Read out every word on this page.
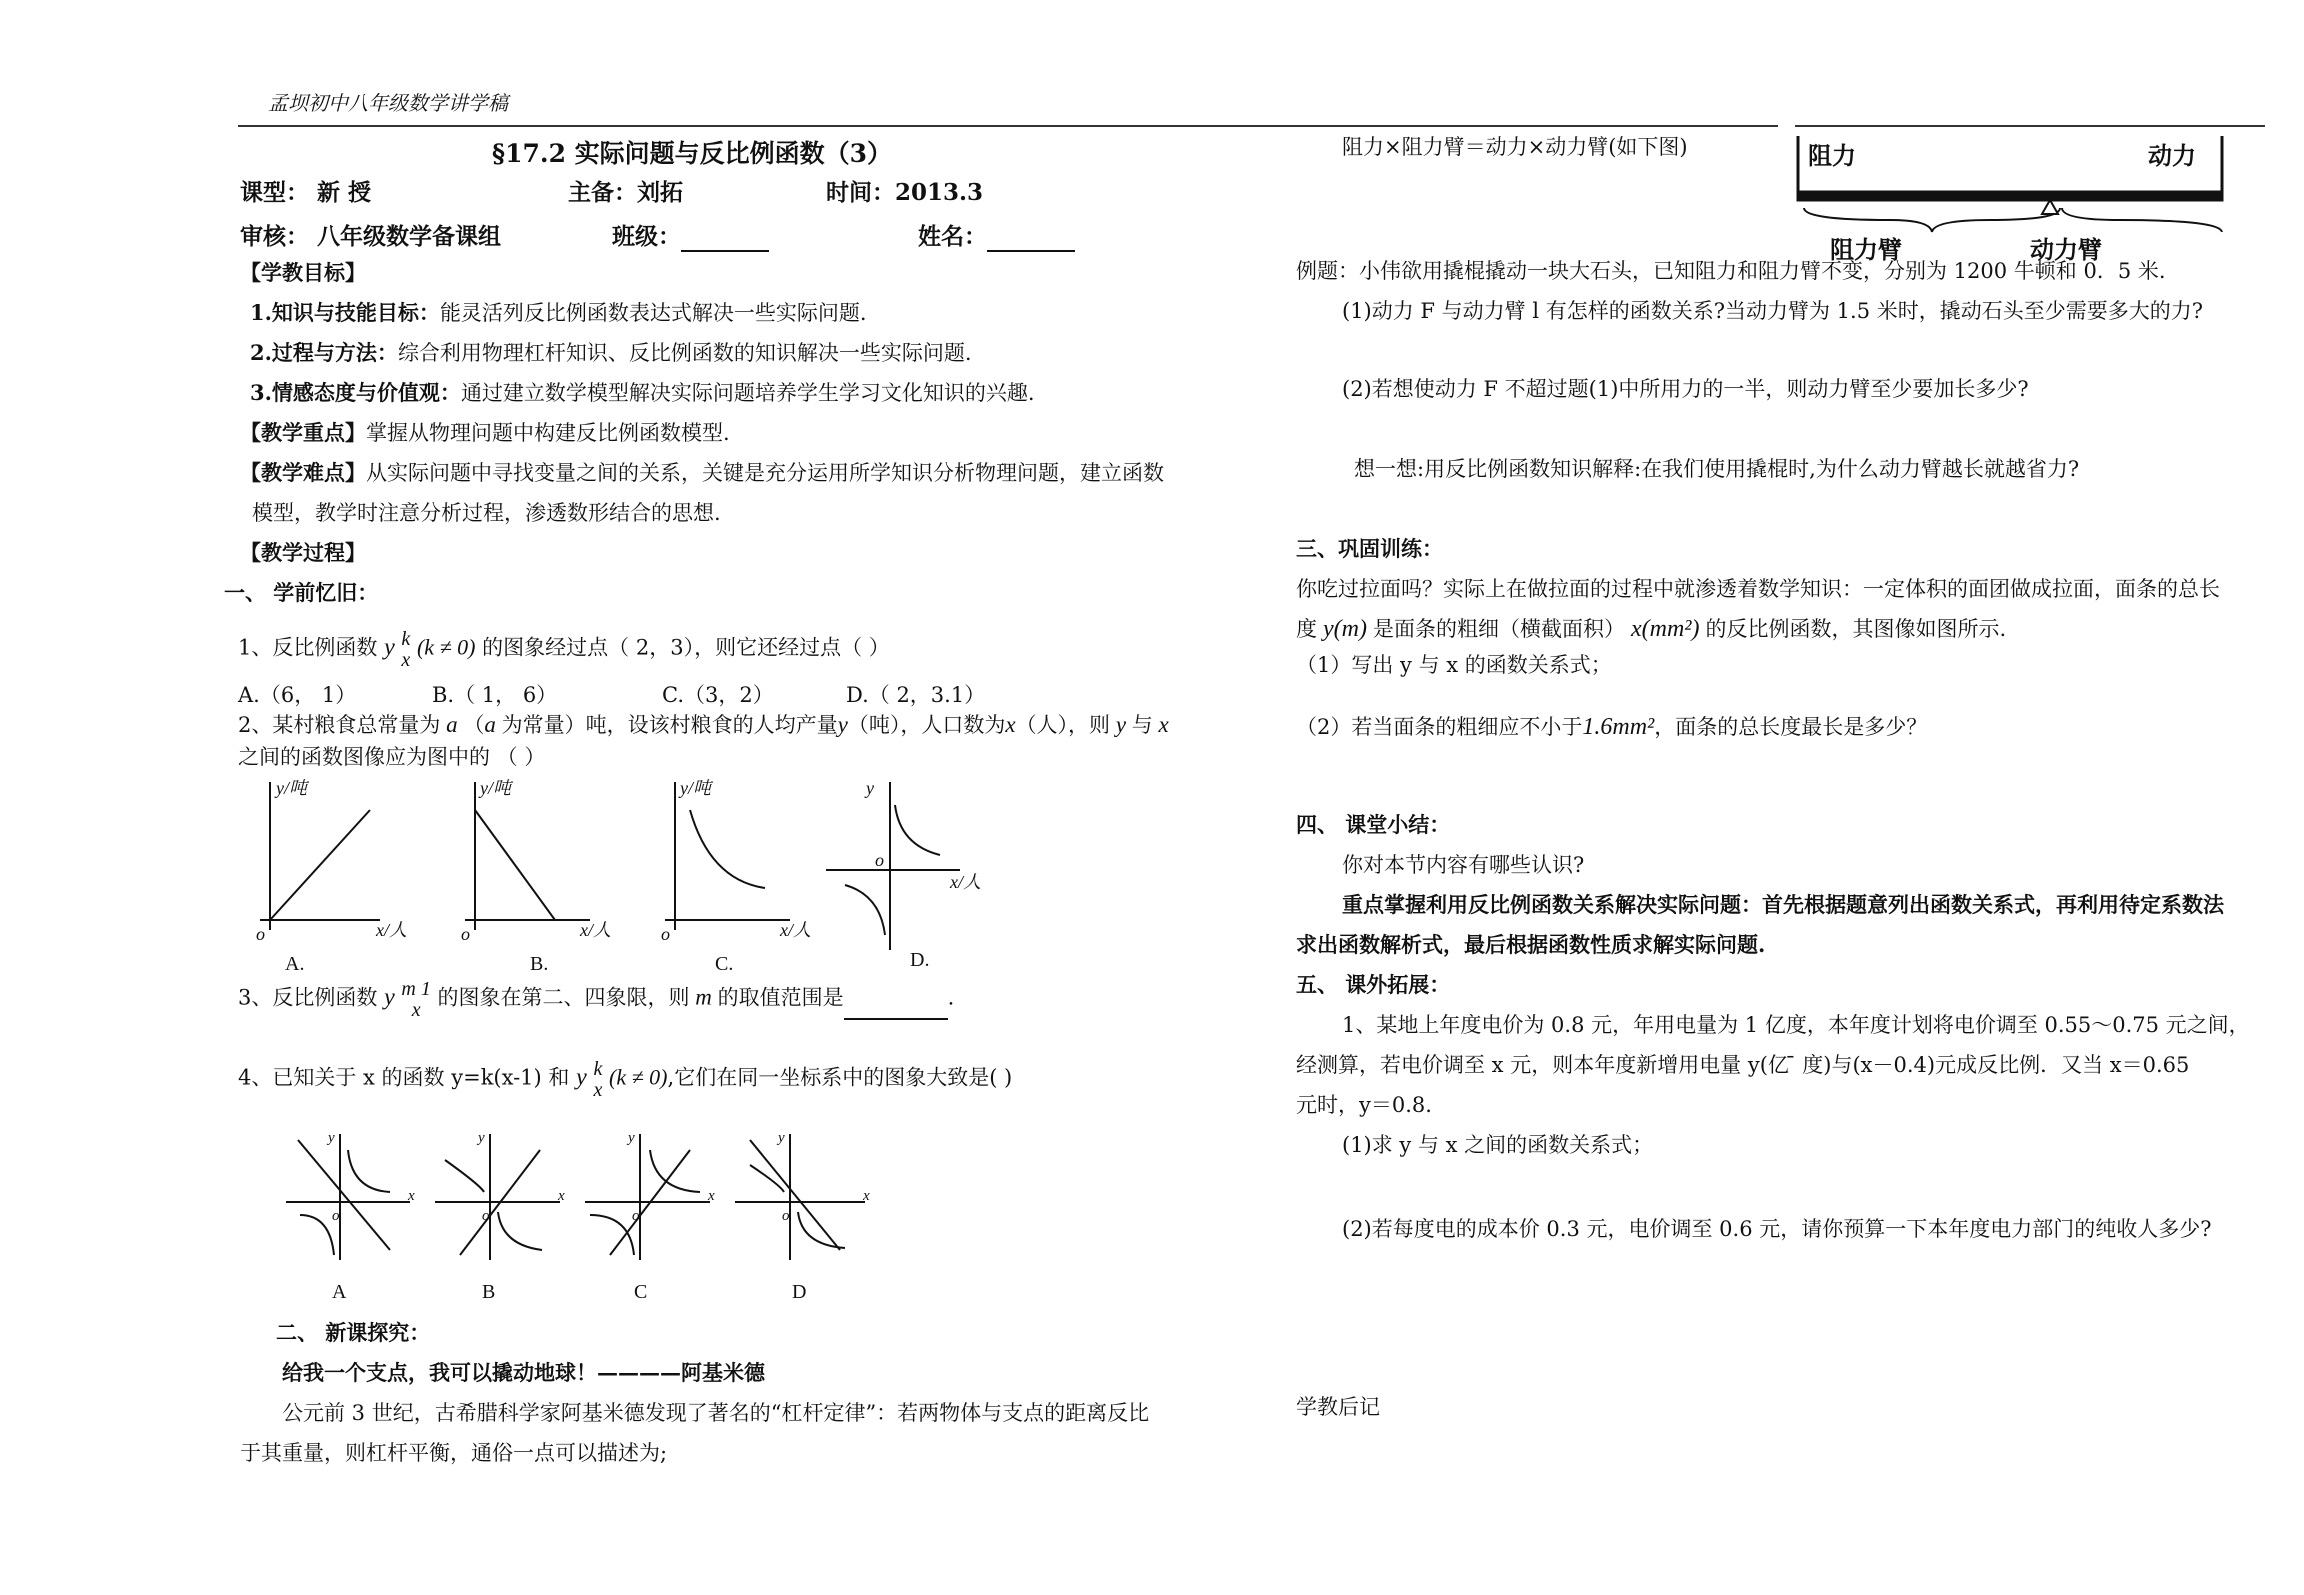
孟坝初中八年级数学讲学稿
§17.2 实际问题与反比例函数（3）
课型： 新 授	主备：刘拓	时间：2013.3
审核： 八年级数学备课组	班级：	姓名：
【学教目标】
1.知识与技能目标：能灵活列反比例函数表达式解决一些实际问题.
2.过程与方法：综合利用物理杠杆知识、反比例函数的知识解决一些实际问题.
3.情感态度与价值观：通过建立数学模型解决实际问题培养学生学习文化知识的兴趣.
【教学重点】掌握从物理问题中构建反比例函数模型.
【教学难点】从实际问题中寻找变量之间的关系，关键是充分运用所学知识分析物理问题，建立函数
模型，教学时注意分析过程，渗透数形结合的思想.
【教学过程】
一、 学前忆旧：
1、反比例函数 y k
x (k ≠ 0) 的图象经过点（ 2，3），则它还经过点（ ）
A.（6， 1）	B.（ 1， 6）	C.（3，2）	D.（ 2，3.1）
2、某村粮食总常量为 a （a 为常量）吨，设该村粮食的人均产量y（吨），人口数为x（人），则 y 与 x
之间的函数图像应为图中的 （ ）
y/吨
x/人
o
y/吨
x/人
o
y/吨
x/人
o
y
x/人
o
A.	B.	C.	D.
3、反比例函数 y m 1
x 的图象在第二、四象限，则 m 的取值范围是	.
4、已知关于 x 的函数 y=k(x-1) 和 y k
x (k ≠ 0),它们在同一坐标系中的图象大致是( )
y
x
o
y
x
o
y
x
o
y
x
o
A	B	C	D
二、 新课探究：
给我一个支点，我可以撬动地球！————阿基米德
公元前 3 世纪，古希腊科学家阿基米德发现了著名的“杠杆定律”：若两物体与支点的距离反比
于其重量，则杠杆平衡，通俗一点可以描述为;
阻力×阻力臂＝动力×动力臂(如下图)	阻力	动力
阻力臂	动力臂
例题：小伟欲用撬棍撬动一块大石头，已知阻力和阻力臂不变，分别为 1200 牛顿和 0．5 米.
(1)动力 F 与动力臂 l 有怎样的函数关系?当动力臂为 1.5 米时，撬动石头至少需要多大的力?
(2)若想使动力 F 不超过题(1)中所用力的一半，则动力臂至少要加长多少?
想一想:用反比例函数知识解释:在我们使用撬棍时,为什么动力臂越长就越省力?
三、巩固训练：
你吃过拉面吗？实际上在做拉面的过程中就渗透着数学知识：一定体积的面团做成拉面，面条的总长
度 y(m) 是面条的粗细（横截面积） x(mm²) 的反比例函数，其图像如图所示.
（1）写出 y 与 x 的函数关系式；
（2）若当面条的粗细应不小于1.6mm²，面条的总长度最长是多少？
四、 课堂小结：
你对本节内容有哪些认识?
重点掌握利用反比例函数关系解决实际问题：首先根据题意列出函数关系式，再利用待定系数法
求出函数解析式，最后根据函数性质求解实际问题.
五、 课外拓展：
1、某地上年度电价为 0.8 元，年用电量为 1 亿度，本年度计划将电价调至 0.55～0.75 元之间，
经测算，若电价调至 x 元，则本年度新增用电量 y(亿 ̄ 度)与(x－0.4)元成反比例．又当 x＝0.65
元时，y＝0.8.
(1)求 y 与 x 之间的函数关系式；
(2)若每度电的成本价 0.3 元，电价调至 0.6 元，请你预算一下本年度电力部门的纯收人多少?
学教后记
